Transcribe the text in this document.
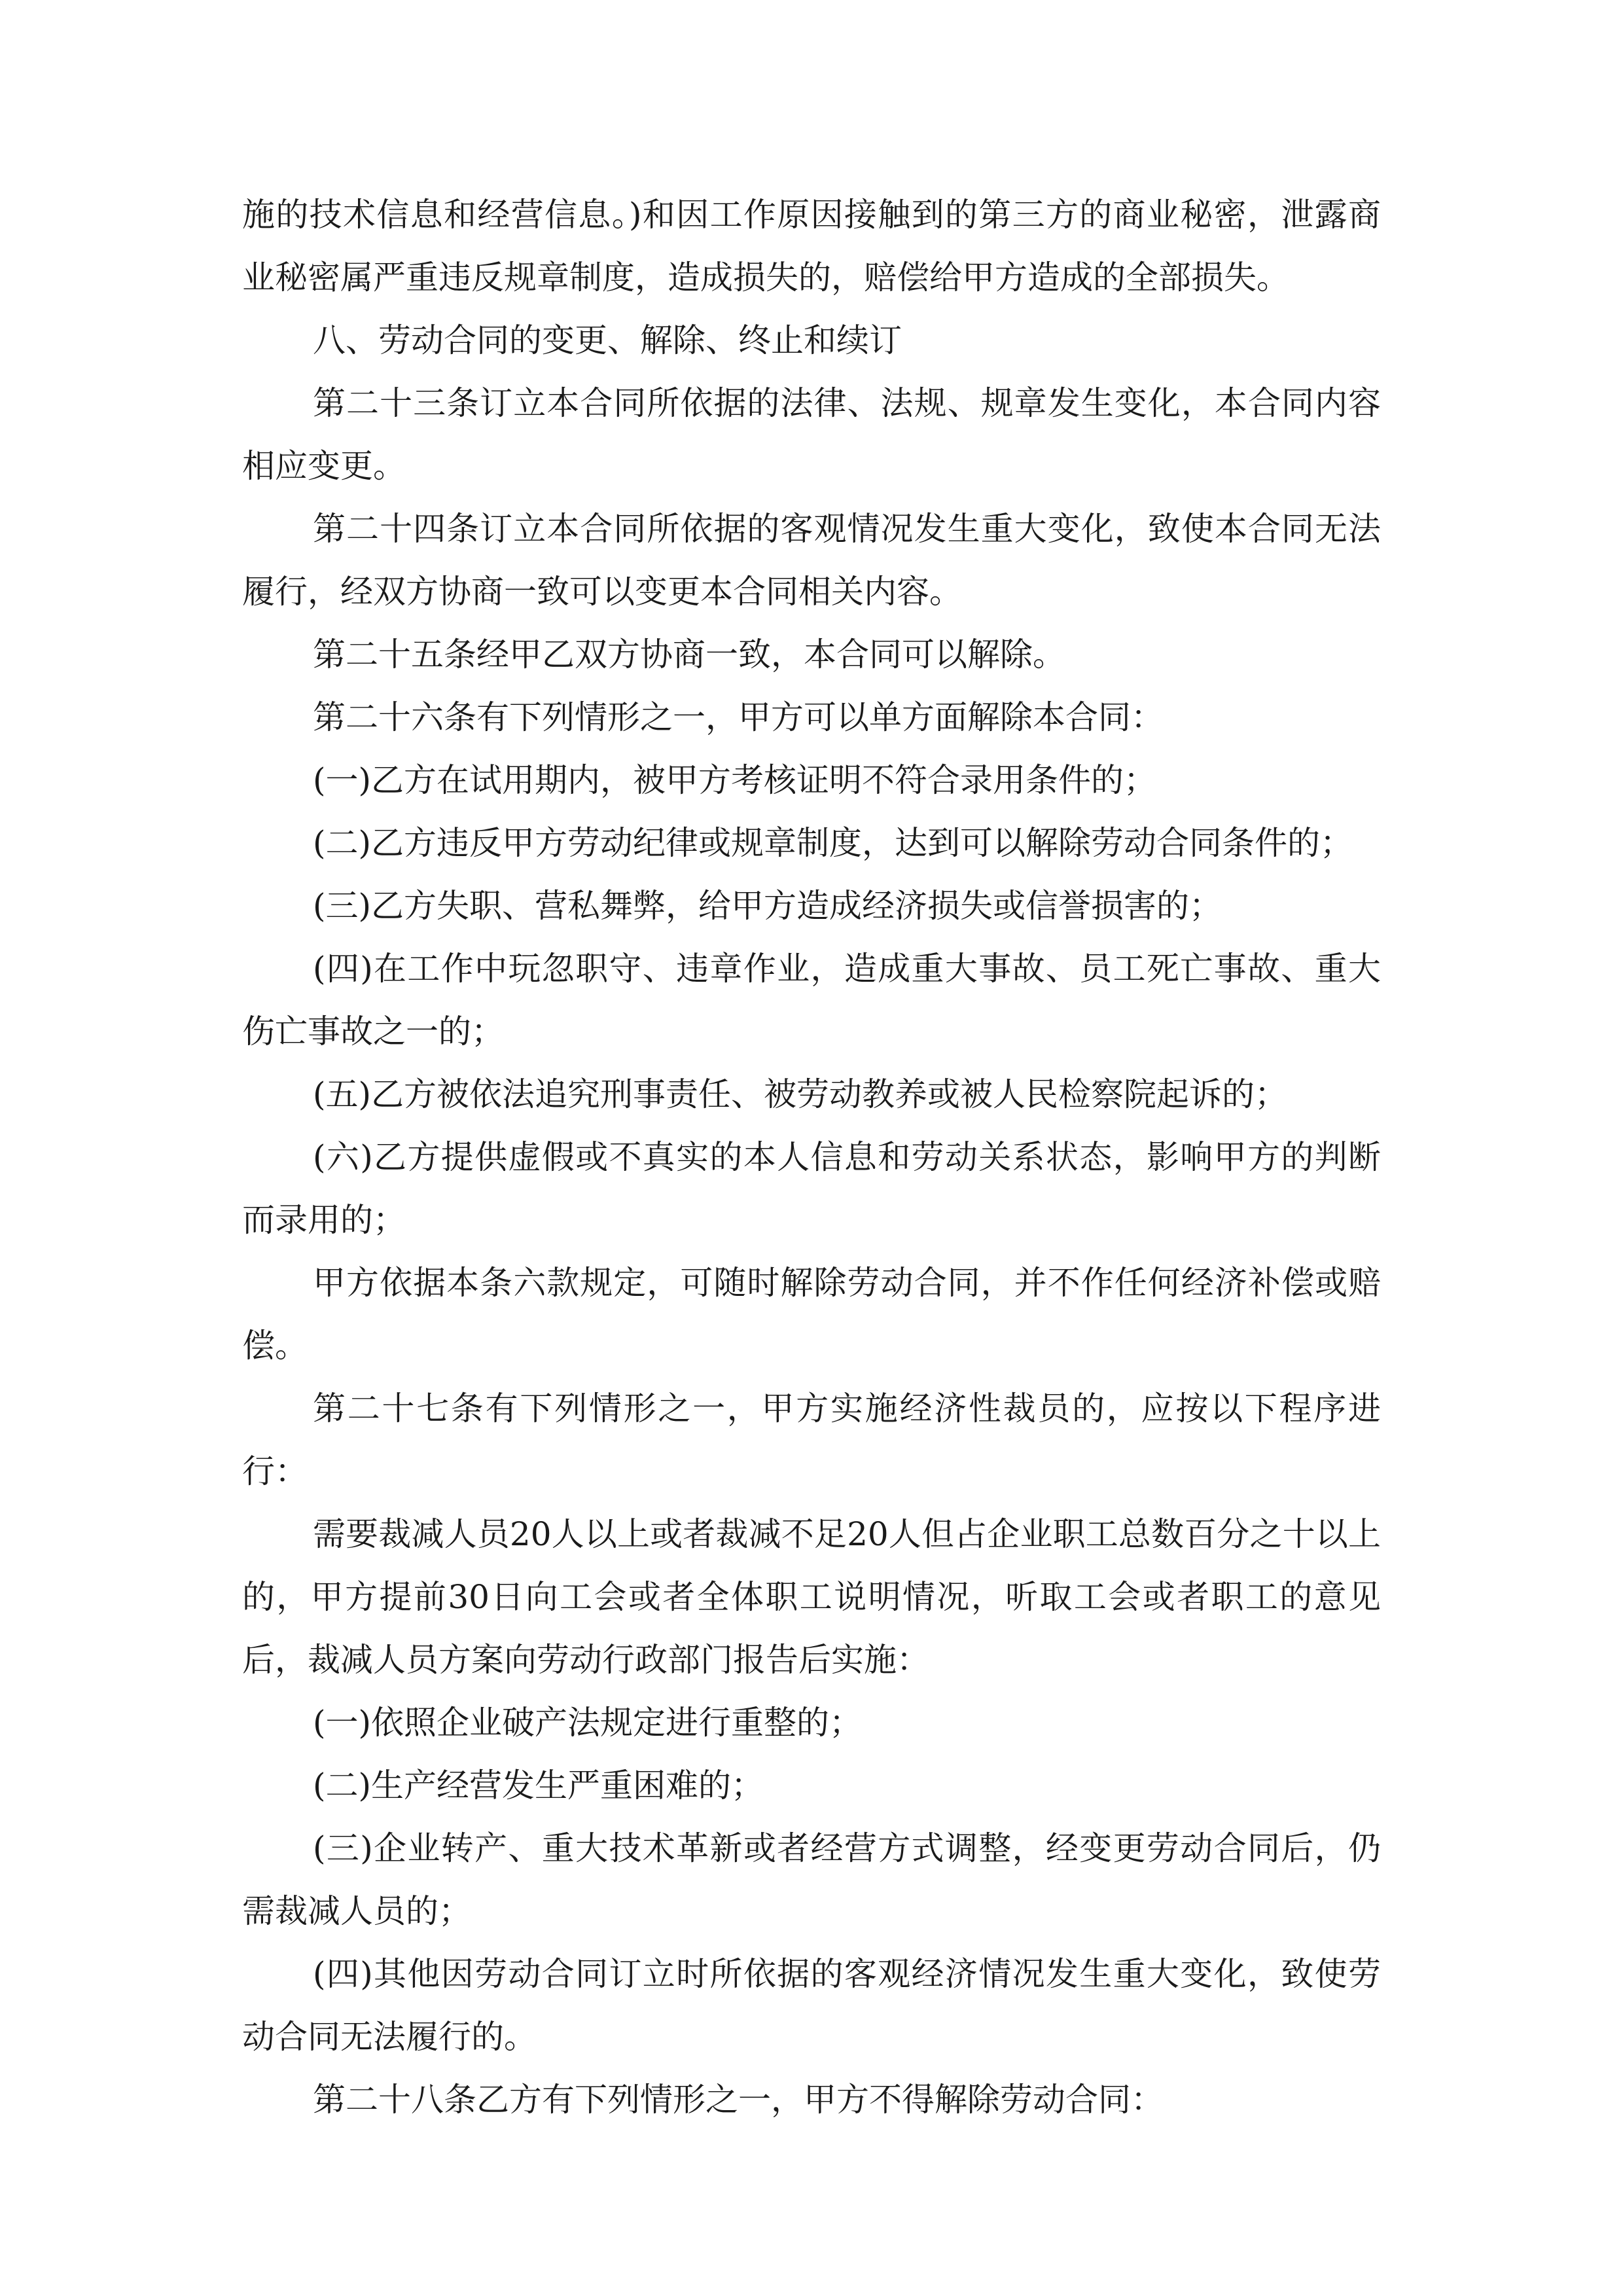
施的技术信息和经营信息。)和因工作原因接触到的第三方的商业秘密，泄露商业秘密属严重违反规章制度，造成损失的，赔偿给甲方造成的全部损失。

八、劳动合同的变更、解除、终止和续订

第二十三条订立本合同所依据的法律、法规、规章发生变化，本合同内容相应变更。

第二十四条订立本合同所依据的客观情况发生重大变化，致使本合同无法履行，经双方协商一致可以变更本合同相关内容。

第二十五条经甲乙双方协商一致，本合同可以解除。

第二十六条有下列情形之一，甲方可以单方面解除本合同：

(一)乙方在试用期内，被甲方考核证明不符合录用条件的；

(二)乙方违反甲方劳动纪律或规章制度，达到可以解除劳动合同条件的；

(三)乙方失职、营私舞弊，给甲方造成经济损失或信誉损害的；

(四)在工作中玩忽职守、违章作业，造成重大事故、员工死亡事故、重大伤亡事故之一的；

(五)乙方被依法追究刑事责任、被劳动教养或被人民检察院起诉的；

(六)乙方提供虚假或不真实的本人信息和劳动关系状态，影响甲方的判断而录用的；

甲方依据本条六款规定，可随时解除劳动合同，并不作任何经济补偿或赔偿。

第二十七条有下列情形之一，甲方实施经济性裁员的，应按以下程序进行：

需要裁减人员20人以上或者裁减不足20人但占企业职工总数百分之十以上的，甲方提前30日向工会或者全体职工说明情况，听取工会或者职工的意见后，裁减人员方案向劳动行政部门报告后实施：

(一)依照企业破产法规定进行重整的；

(二)生产经营发生严重困难的；

(三)企业转产、重大技术革新或者经营方式调整，经变更劳动合同后，仍需裁减人员的；

(四)其他因劳动合同订立时所依据的客观经济情况发生重大变化，致使劳动合同无法履行的。

第二十八条乙方有下列情形之一，甲方不得解除劳动合同：
